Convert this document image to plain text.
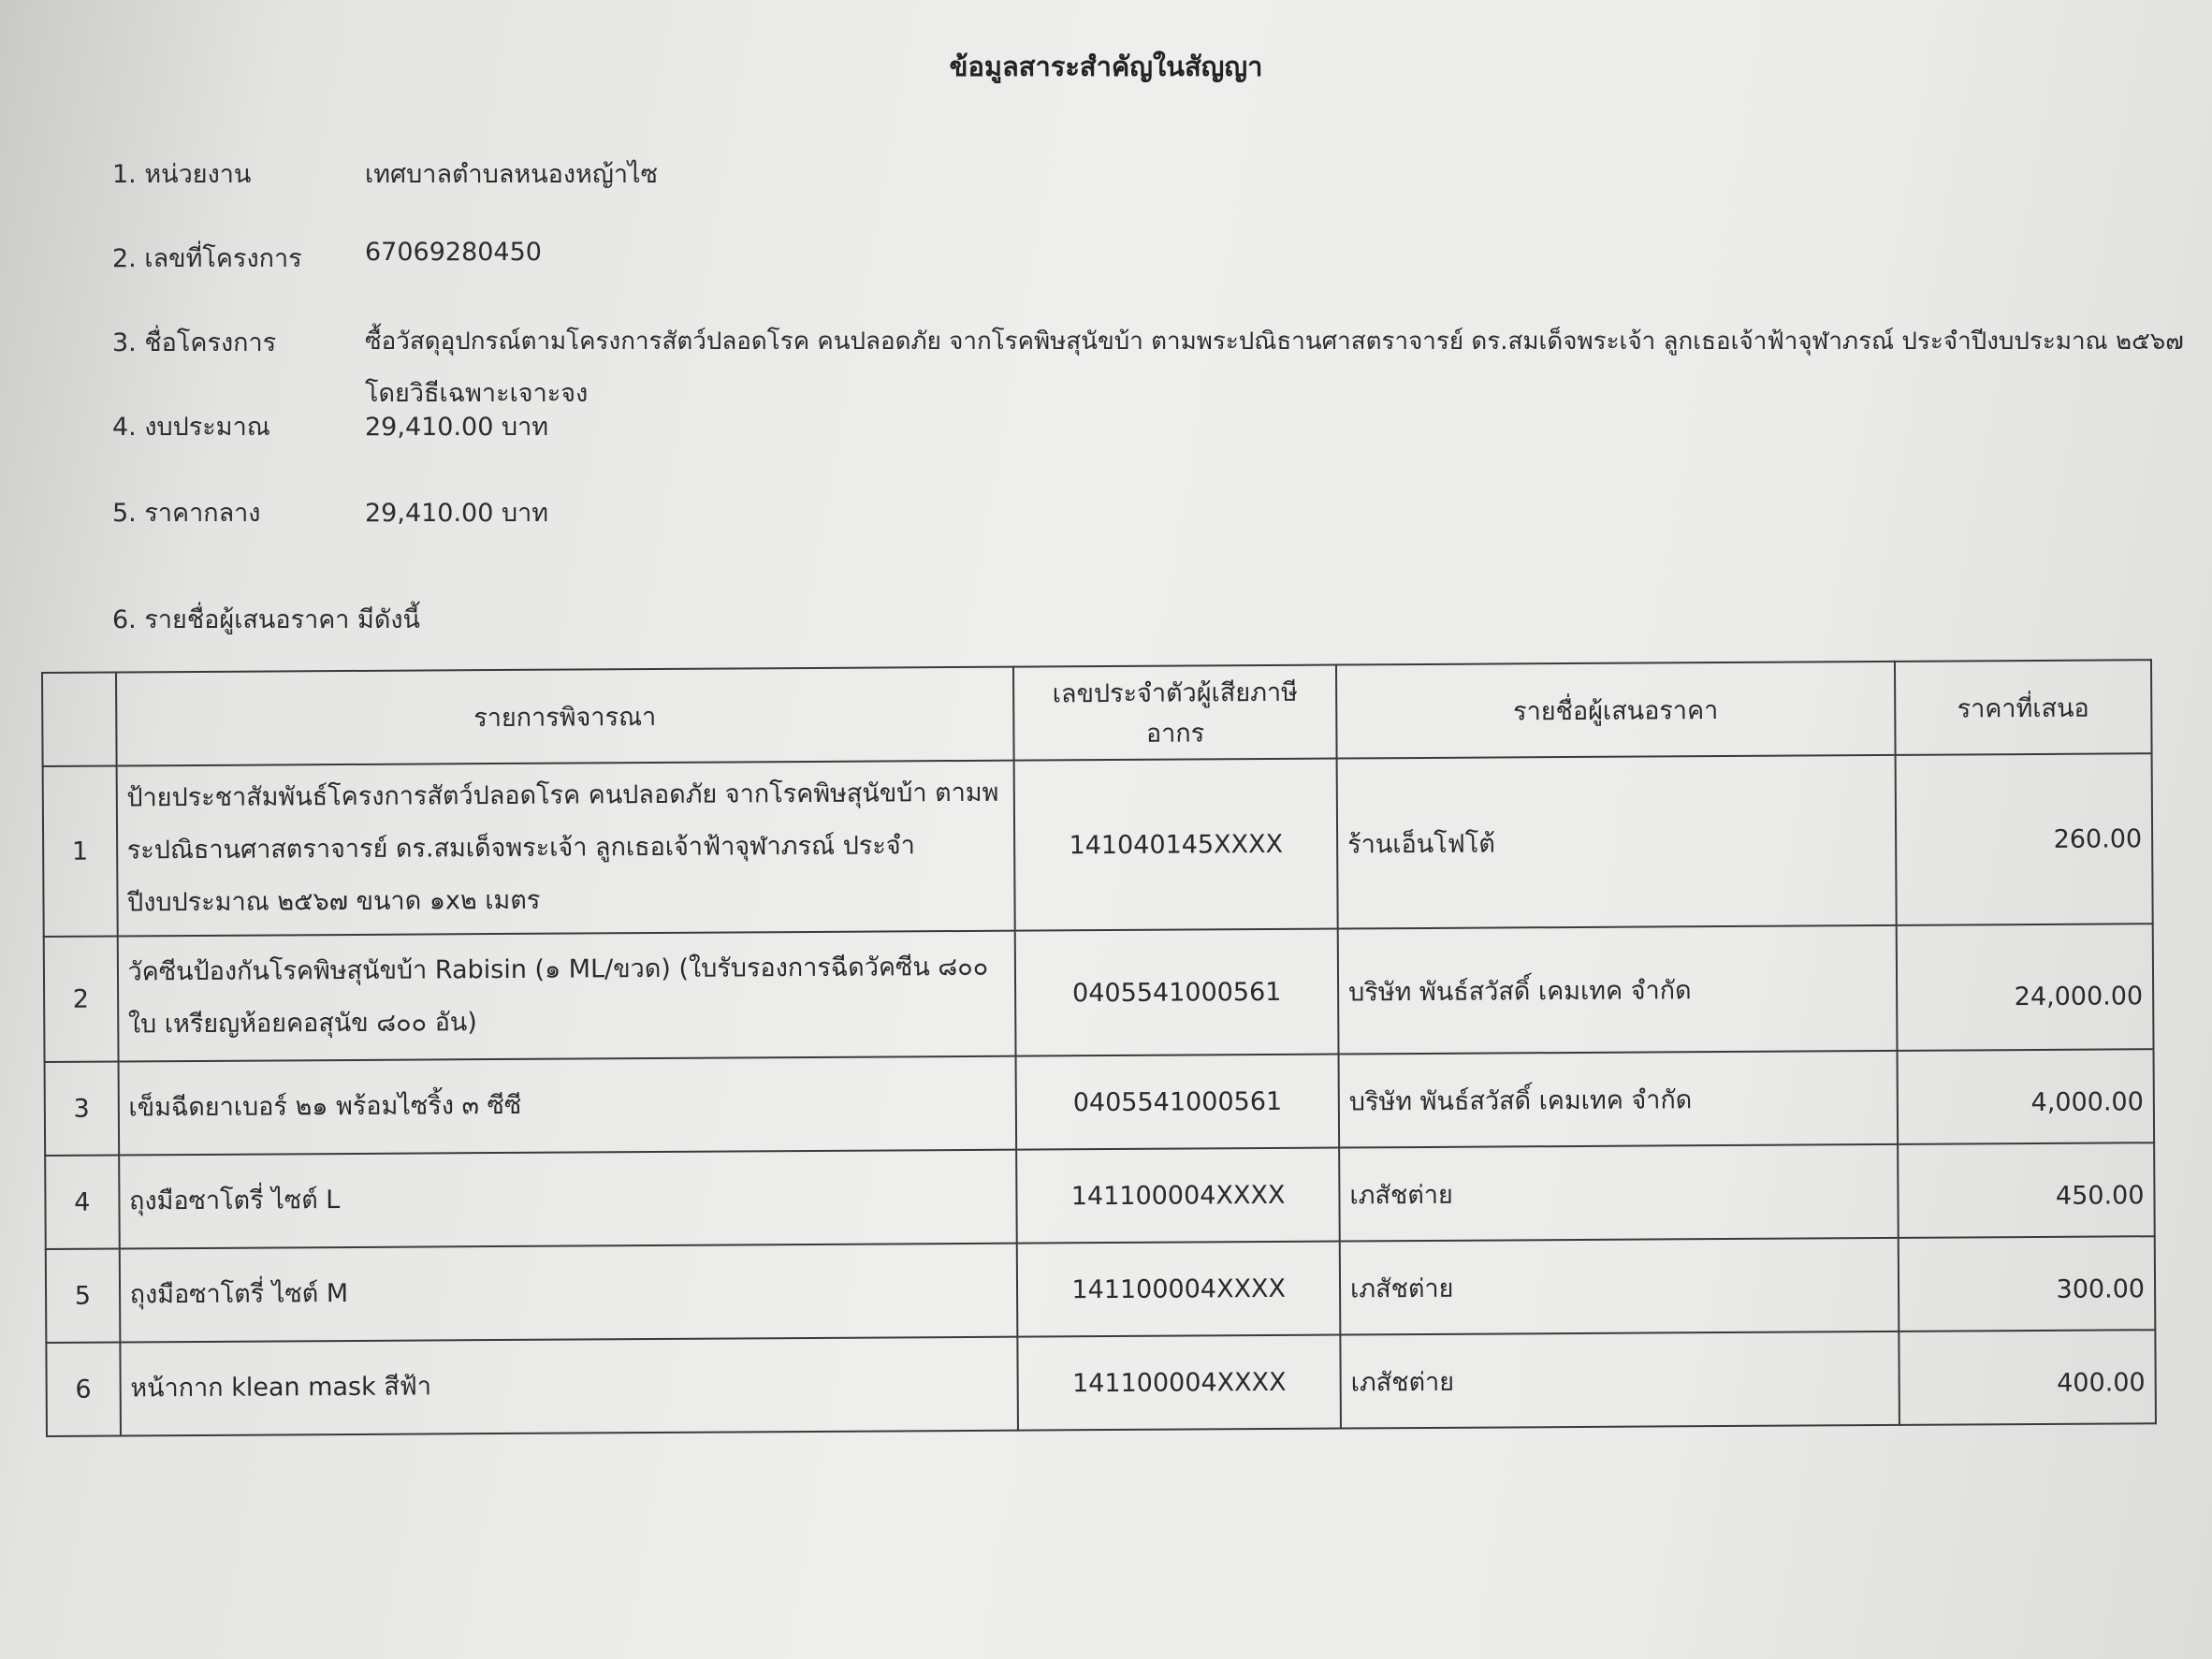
ข้อมูลสาระสำคัญในสัญญา
1. หน่วยงาน	เทศบาลตำบลหนองหญ้าไซ
2. เลขที่โครงการ 67069280450
3. ชื่อโครงการ	ซื้อวัสดุอุปกรณ์ตามโครงการสัตว์ปลอดโรค คนปลอดภัย จากโรคพิษสุนัขบ้า ตามพระปณิธานศาสตราจารย์ ดร.สมเด็จพระเจ้า ลูกเธอเจ้าฟ้าจุฬาภรณ์ ประจำปีงบประมาณ ๒๕๖๗
โดยวิธีเฉพาะเจาะจง
4. งบประมาณ	29,410.00 บาท
5. ราคากลาง	29,410.00 บาท
6. รายชื่อผู้เสนอราคา มีดังนี้
	รายการพิจารณา	เลขประจำตัวผู้เสียภาษีอากร	รายชื่อผู้เสนอราคา	ราคาที่เสนอ
1	ป้ายประชาสัมพันธ์โครงการสัตว์ปลอดโรค คนปลอดภัย จากโรคพิษสุนัขบ้า ตามพระปณิธานศาสตราจารย์ ดร.สมเด็จพระเจ้า ลูกเธอเจ้าฟ้าจุฬาภรณ์ ประจำปีงบประมาณ ๒๕๖๗ ขนาด ๑x๒ เมตร	141040145XXXX	ร้านเอ็นโฟโต้	260.00
2	วัคซีนป้องกันโรคพิษสุนัขบ้า Rabisin (๑ ML/ขวด) (ใบรับรองการฉีดวัคซีน ๘๐๐ ใบ เหรียญห้อยคอสุนัข ๘๐๐ อัน)	0405541000561	บริษัท พันธ์สวัสดิ์ เคมเทค จำกัด	24,000.00
3	เข็มฉีดยาเบอร์ ๒๑ พร้อมไซริ้ง ๓ ซีซี	0405541000561	บริษัท พันธ์สวัสดิ์ เคมเทค จำกัด	4,000.00
4	ถุงมือซาโตรี่ ไซต์ L	141100004XXXX	เภสัชต่าย	450.00
5	ถุงมือซาโตรี่ ไซต์ M	141100004XXXX	เภสัชต่าย	300.00
6	หน้ากาก klean mask สีฟ้า	141100004XXXX	เภสัชต่าย	400.00
